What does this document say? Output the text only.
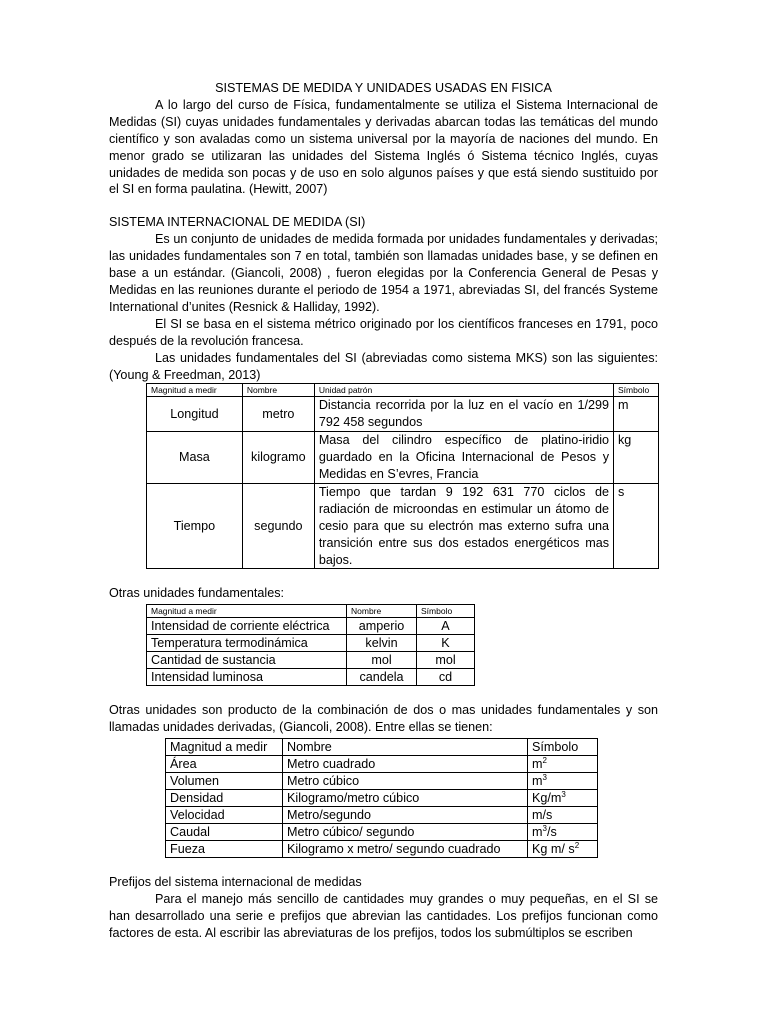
SISTEMAS DE MEDIDA Y UNIDADES USADAS EN FISICA

A lo largo del curso de Física, fundamentalmente se utiliza el Sistema Internacional de Medidas (SI) cuyas unidades fundamentales y derivadas abarcan todas las temáticas del mundo científico y son avaladas como un sistema universal por la mayoría de naciones del mundo. En menor grado se utilizaran las unidades del Sistema Inglés ó Sistema técnico Inglés, cuyas unidades de medida son pocas y de uso en solo algunos países y que está siendo sustituido por el SI en forma paulatina. (Hewitt, 2007)

SISTEMA INTERNACIONAL DE MEDIDA (SI)

Es un conjunto de unidades de medida formada por unidades fundamentales y derivadas; las unidades fundamentales son 7 en total, también son llamadas unidades base, y se definen en base a un estándar. (Giancoli, 2008) , fueron elegidas por la Conferencia General de Pesas y Medidas en las reuniones durante el periodo de 1954 a 1971, abreviadas SI, del francés Systeme International d’unites (Resnick & Halliday, 1992).

El SI se basa en el sistema métrico originado por los científicos franceses en 1791, poco después de la revolución francesa.

Las unidades fundamentales del SI (abreviadas como sistema MKS) son las siguientes: (Young & Freedman, 2013)

Magnitud a medir	Nombre	Unidad patrón	Símbolo
Longitud	metro	Distancia recorrida por la luz en el vacío en 1/299 792 458 segundos	m
Masa	kilogramo	Masa del cilindro específico de platino-iridio guardado en la Oficina Internacional de Pesos y Medidas en S’evres, Francia	kg
Tiempo	segundo	Tiempo que tardan 9 192 631 770 ciclos de radiación de microondas en estimular un átomo de cesio para que su electrón mas externo sufra una transición entre sus dos estados energéticos mas bajos.	s

Otras unidades fundamentales:

Magnitud a medir	Nombre	Símbolo
Intensidad de corriente eléctrica	amperio	A
Temperatura termodinámica	kelvin	K
Cantidad de sustancia	mol	mol
Intensidad luminosa	candela	cd

Otras unidades son producto de la combinación de dos o mas unidades fundamentales y son llamadas unidades derivadas, (Giancoli, 2008). Entre ellas se tienen:

Magnitud a medir	Nombre	Símbolo
Área	Metro cuadrado	$m^2$
Volumen	Metro cúbico	$m^3$
Densidad	Kilogramo/metro cúbico	$Kg/m^3$
Velocidad	Metro/segundo	m/s
Caudal	Metro cúbico/ segundo	$m^3/s$
Fueza	Kilogramo x metro/ segundo cuadrado	Kg m/ $s^2$

Prefijos del sistema internacional de medidas

Para el manejo más sencillo de cantidades muy grandes o muy pequeñas, en el SI se han desarrollado una serie e prefijos que abrevian las cantidades. Los prefijos funcionan como factores de esta. Al escribir las abreviaturas de los prefijos, todos los submúltiplos se escriben
